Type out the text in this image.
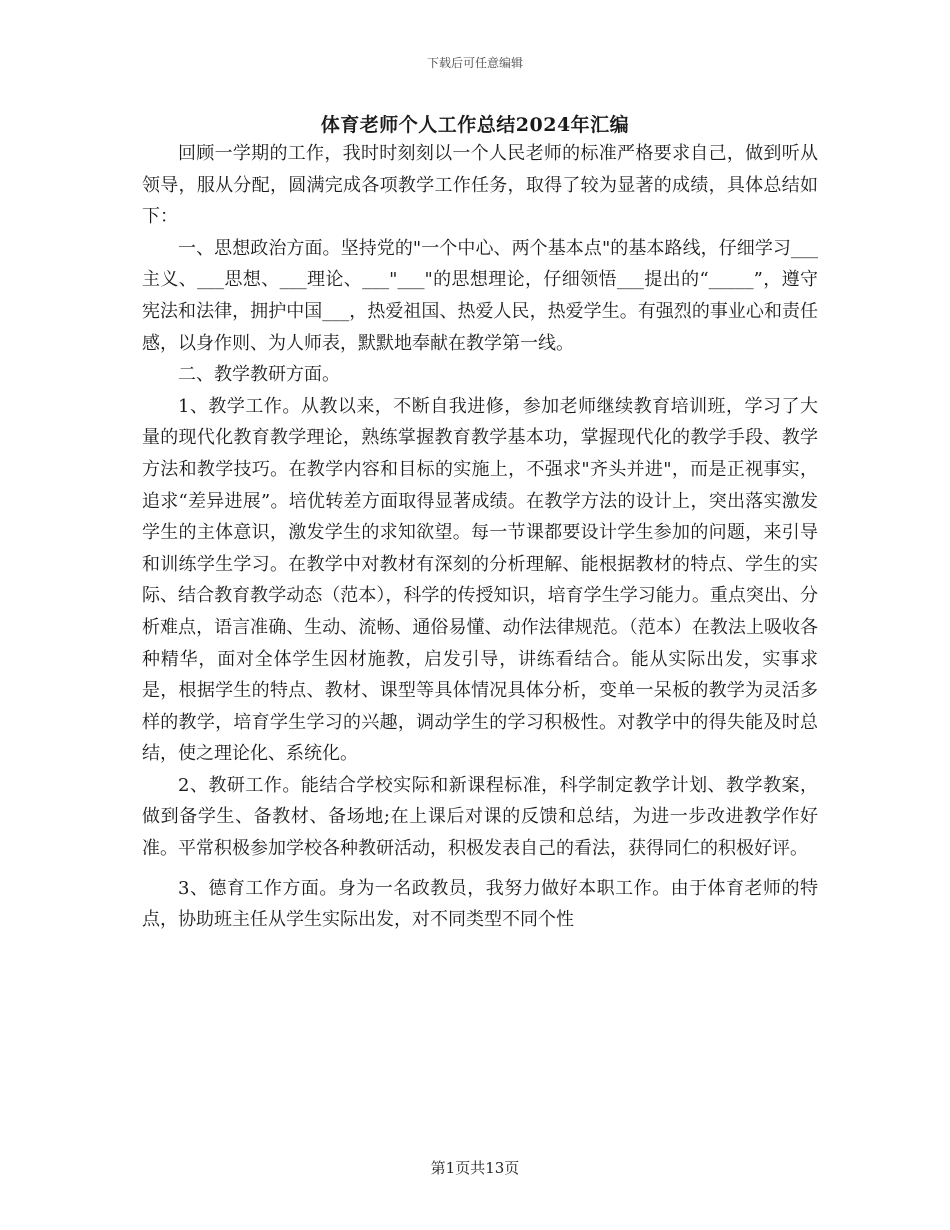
下载后可任意编辑
体育老师个人工作总结2024年汇编

回顾一学期的工作，我时时刻刻以一个人民老师的标准严格要求自己，做到听从领导，服从分配，圆满完成各项教学工作任务，取得了较为显著的成绩，具体总结如下：

一、思想政治方面。坚持党的"一个中心、两个基本点"的基本路线，仔细学习___主义、___思想、___理论、___"___"的思想理论，仔细领悟___提出的“_____”，遵守宪法和法律，拥护中国___，热爱祖国、热爱人民，热爱学生。有强烈的事业心和责任感，以身作则、为人师表，默默地奉献在教学第一线。

二、教学教研方面。

1、教学工作。从教以来，不断自我进修，参加老师继续教育培训班，学习了大量的现代化教育教学理论，熟练掌握教育教学基本功，掌握现代化的教学手段、教学方法和教学技巧。在教学内容和目标的实施上，不强求"齐头并进"，而是正视事实，追求“差异进展”。培优转差方面取得显著成绩。在教学方法的设计上，突出落实激发学生的主体意识，激发学生的求知欲望。每一节课都要设计学生参加的问题，来引导和训练学生学习。在教学中对教材有深刻的分析理解、能根据教材的特点、学生的实际、结合教育教学动态（范本），科学的传授知识，培育学生学习能力。重点突出、分析难点，语言准确、生动、流畅、通俗易懂、动作法律规范。（范本）在教法上吸收各种精华，面对全体学生因材施教，启发引导，讲练看结合。能从实际出发，实事求是，根据学生的特点、教材、课型等具体情况具体分析，变单一呆板的教学为灵活多样的教学，培育学生学习的兴趣，调动学生的学习积极性。对教学中的得失能及时总结，使之理论化、系统化。

2、教研工作。能结合学校实际和新课程标准，科学制定教学计划、教学教案，做到备学生、备教材、备场地;在上课后对课的反馈和总结，为进一步改进教学作好准。平常积极参加学校各种教研活动，积极发表自己的看法，获得同仁的积极好评。

3、德育工作方面。身为一名政教员，我努力做好本职工作。由于体育老师的特点，协助班主任从学生实际出发，对不同类型不同个性

第1页共13页
